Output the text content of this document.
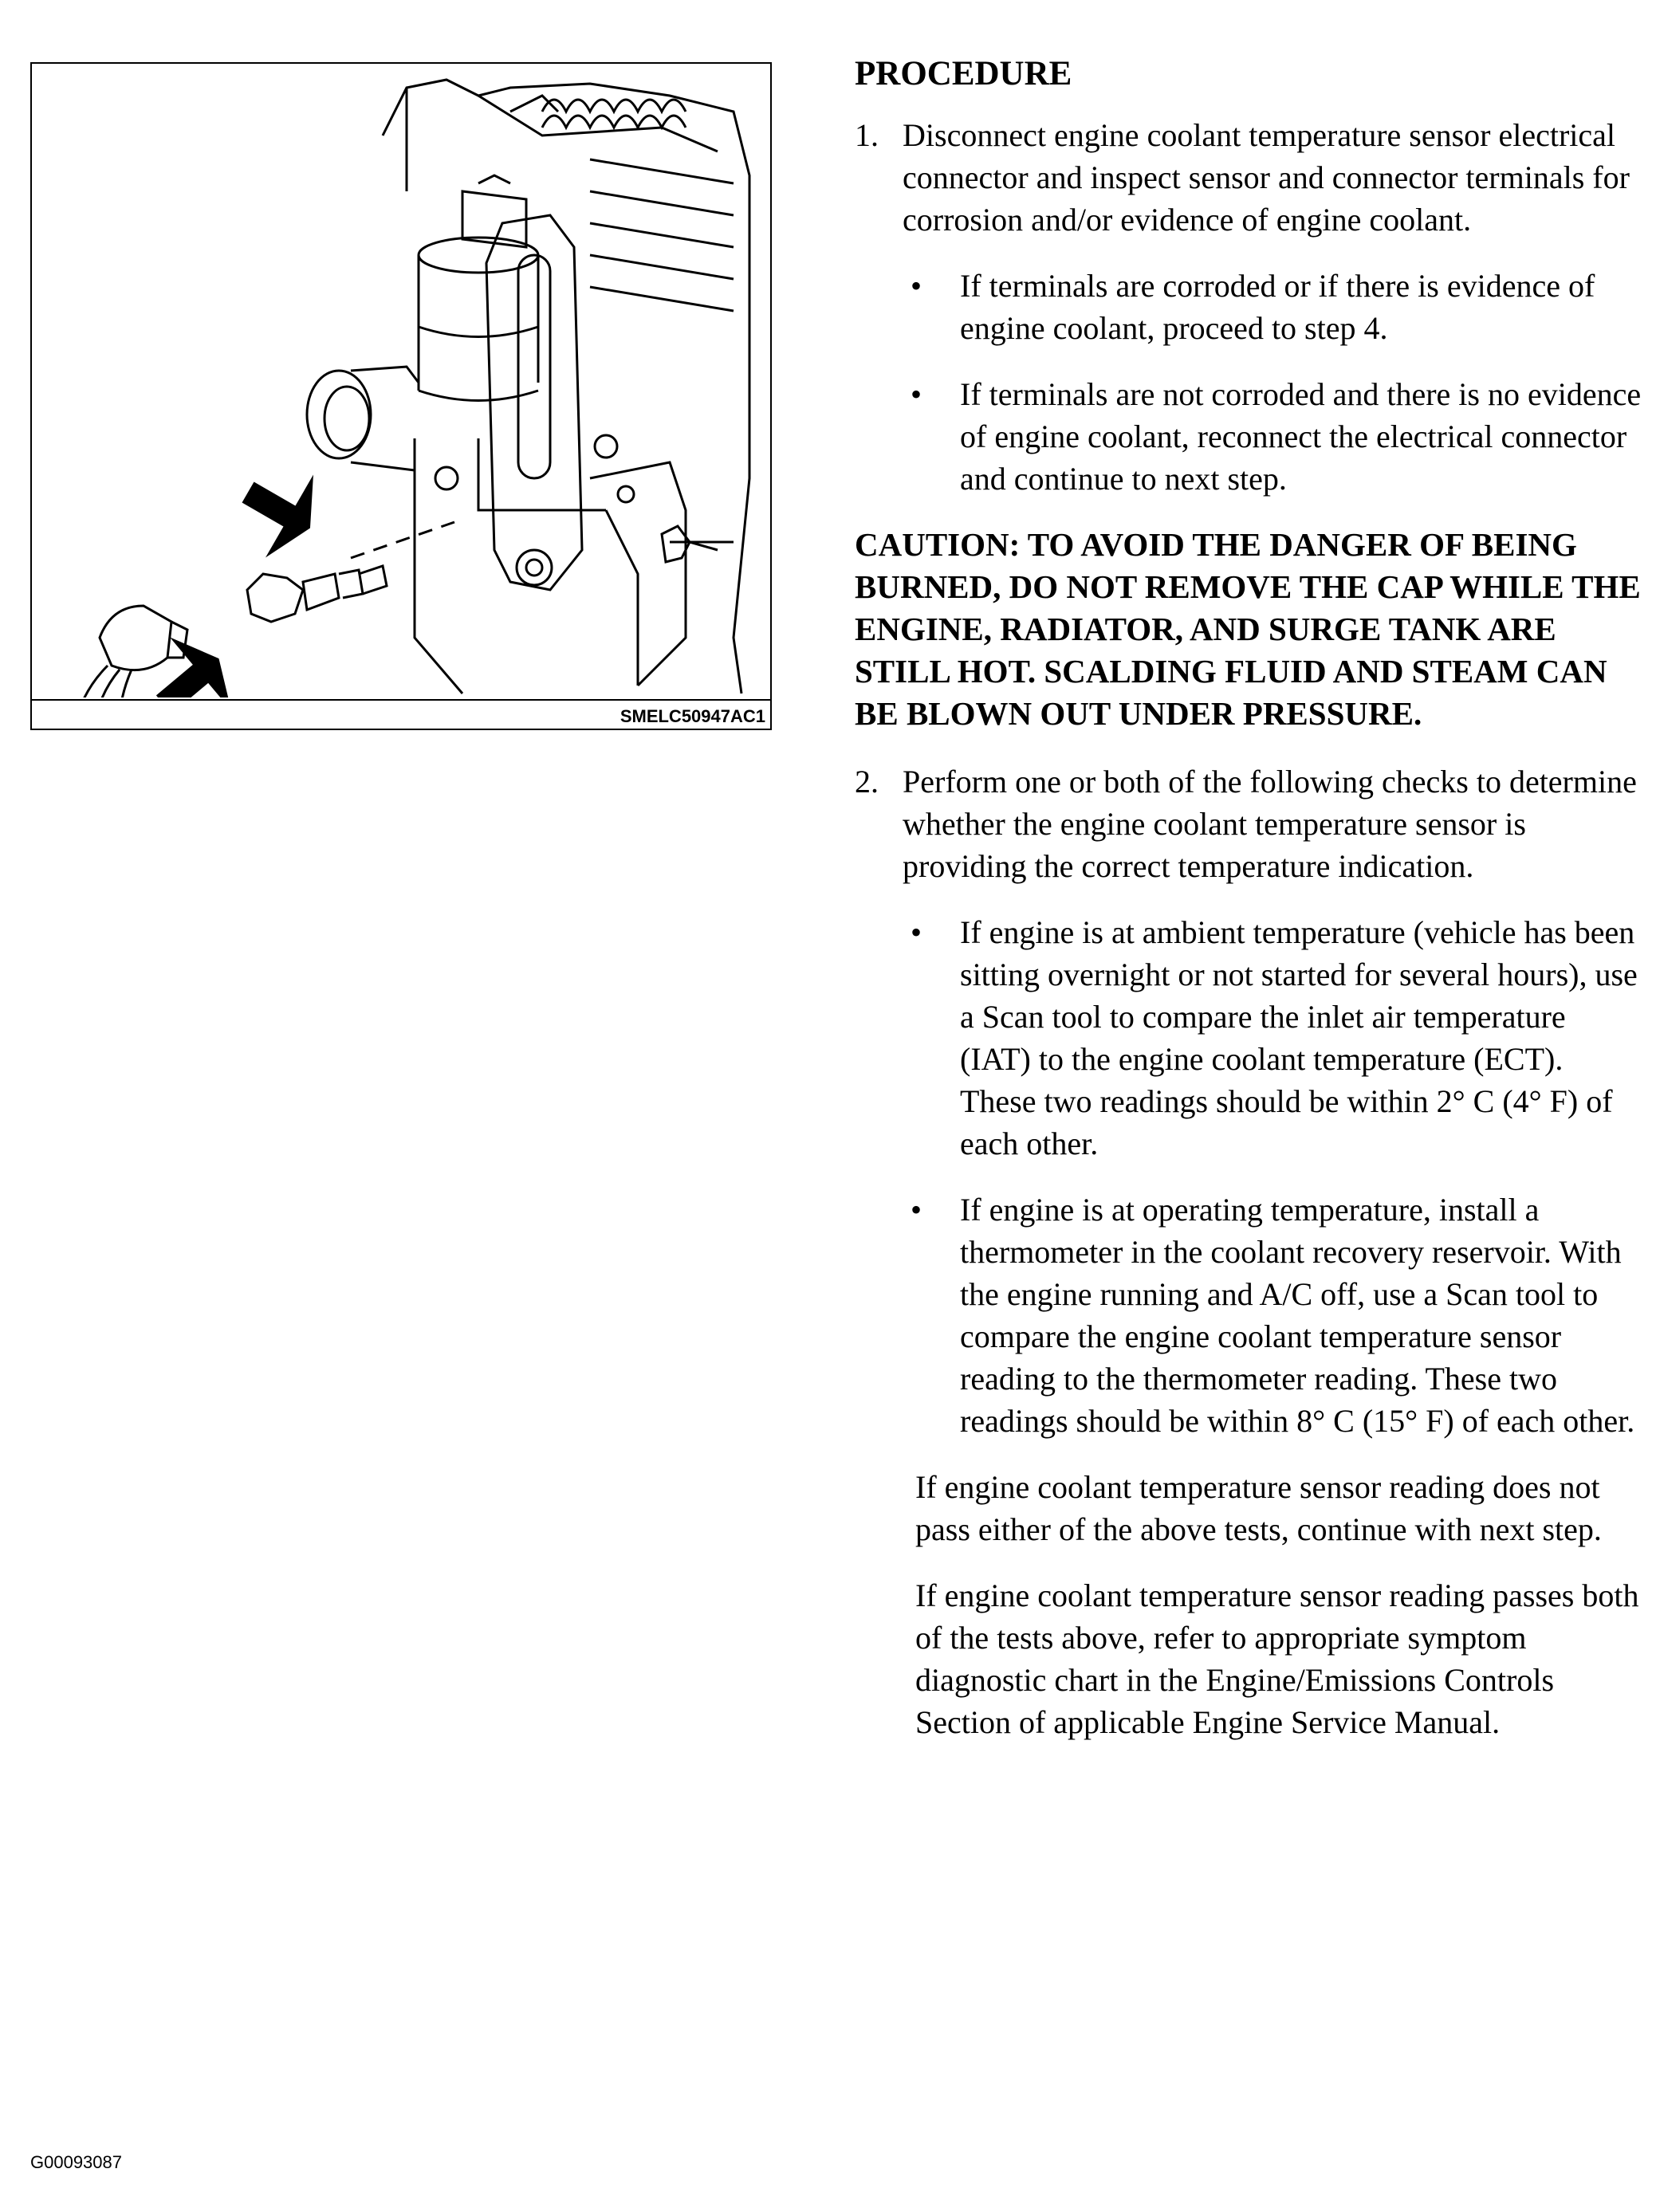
SMELC50947AC1
G00093087
PROCEDURE
1. Disconnect engine coolant temperature sensor electrical connector and inspect sensor and connector terminals for corrosion and/or evidence of engine coolant.
• If terminals are corroded or if there is evidence of engine coolant, proceed to step 4.
• If terminals are not corroded and there is no evidence of engine coolant, reconnect the electrical connector and continue to next step.
CAUTION: TO AVOID THE DANGER OF BEING BURNED, DO NOT REMOVE THE CAP WHILE THE ENGINE, RADIATOR, AND SURGE TANK ARE STILL HOT. SCALDING FLUID AND STEAM CAN BE BLOWN OUT UNDER PRESSURE.
2. Perform one or both of the following checks to determine whether the engine coolant temperature sensor is providing the correct temperature indication.
• If engine is at ambient temperature (vehicle has been sitting overnight or not started for several hours), use a Scan tool to compare the inlet air temperature (IAT) to the engine coolant temperature (ECT). These two readings should be within 2° C (4° F) of each other.
• If engine is at operating temperature, install a thermometer in the coolant recovery reservoir. With the engine running and A/C off, use a Scan tool to compare the engine coolant temperature sensor reading to the thermometer reading. These two readings should be within 8° C (15° F) of each other.
If engine coolant temperature sensor reading does not pass either of the above tests, continue with next step.
If engine coolant temperature sensor reading passes both of the tests above, refer to appropriate symptom diagnostic chart in the Engine/Emissions Controls Section of applicable Engine Service Manual.
